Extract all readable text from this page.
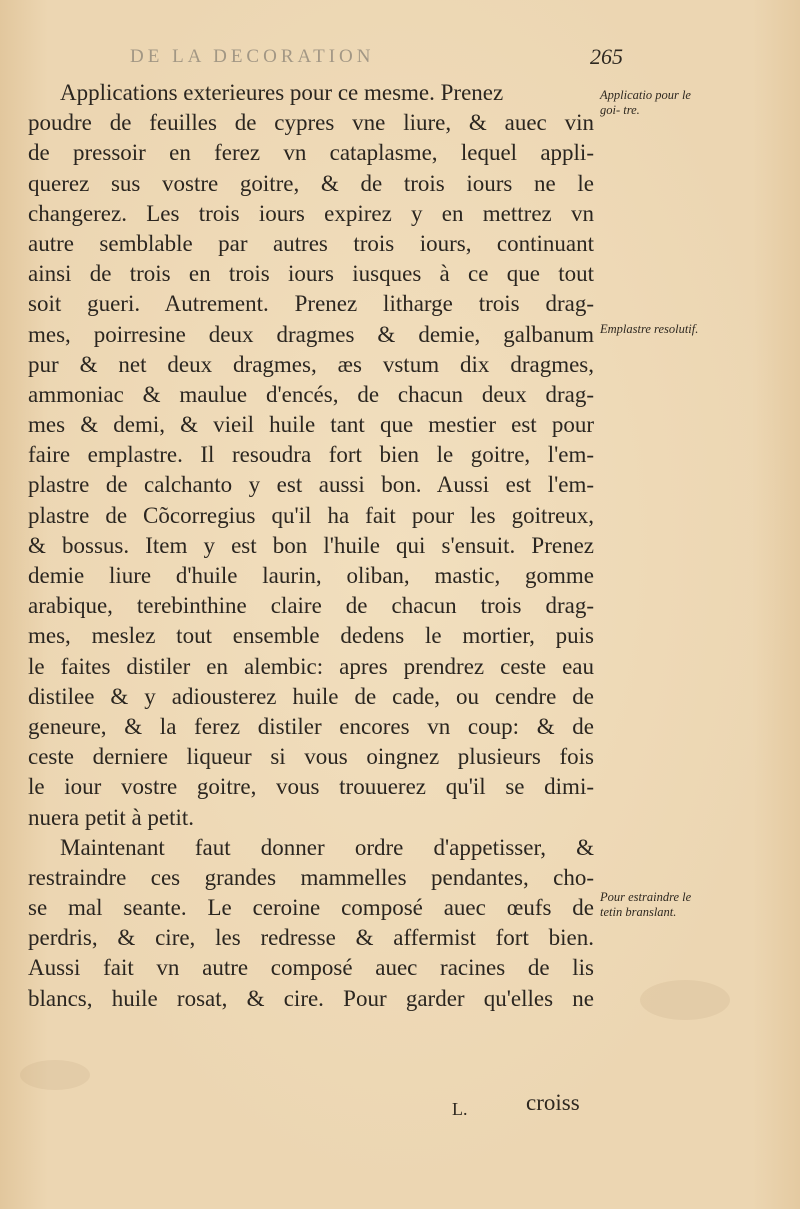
DE LA DECORATION	265
Applications exterieures pour ce mesme. Prenez
poudre de feuilles de cypres vne liure, & auec vin
de pressoir en ferez vn cataplasme, lequel appli-
querez sus vostre goitre, & de trois iours ne le
changerez. Les trois iours expirez y en mettrez vn
autre semblable par autres trois iours, continuant
ainsi de trois en trois iours iusques à ce que tout
soit gueri. Autrement. Prenez litharge trois drag-
mes, poirresine deux dragmes & demie, galbanum
pur & net deux dragmes, æs vstum dix dragmes,
ammoniac & maulue d'encés, de chacun deux drag-
mes & demi, & vieil huile tant que mestier est pour
faire emplastre. Il resoudra fort bien le goitre, l'em-
plastre de calchanto y est aussi bon. Aussi est l'em-
plastre de Cõcorregius qu'il ha fait pour les goitreux,
& bossus. Item y est bon l'huile qui s'ensuit. Prenez
demie liure d'huile laurin, oliban, mastic, gomme
arabique, terebinthine claire de chacun trois drag-
mes, meslez tout ensemble dedens le mortier, puis
le faites distiler en alembic: apres prendrez ceste eau
distilee & y adiousterez huile de cade, ou cendre de
geneure, & la ferez distiler encores vn coup: & de
ceste derniere liqueur si vous oingnez plusieurs fois
le iour vostre goitre, vous trouuerez qu'il se dimi-
nuera petit à petit.
Maintenant faut donner ordre d'appetisser, &
restraindre ces grandes mammelles pendantes, cho-
se mal seante. Le ceroine composé auec œufs de
perdris, & cire, les redresse & affermist fort bien.
Aussi fait vn autre composé auec racines de lis
blancs, huile rosat, & cire. Pour garder qu'elles ne
Applicatio pour le goi- tre.
Emplastre resolutif.
Pour estraindre le tetin branslant.
L.	croiss
